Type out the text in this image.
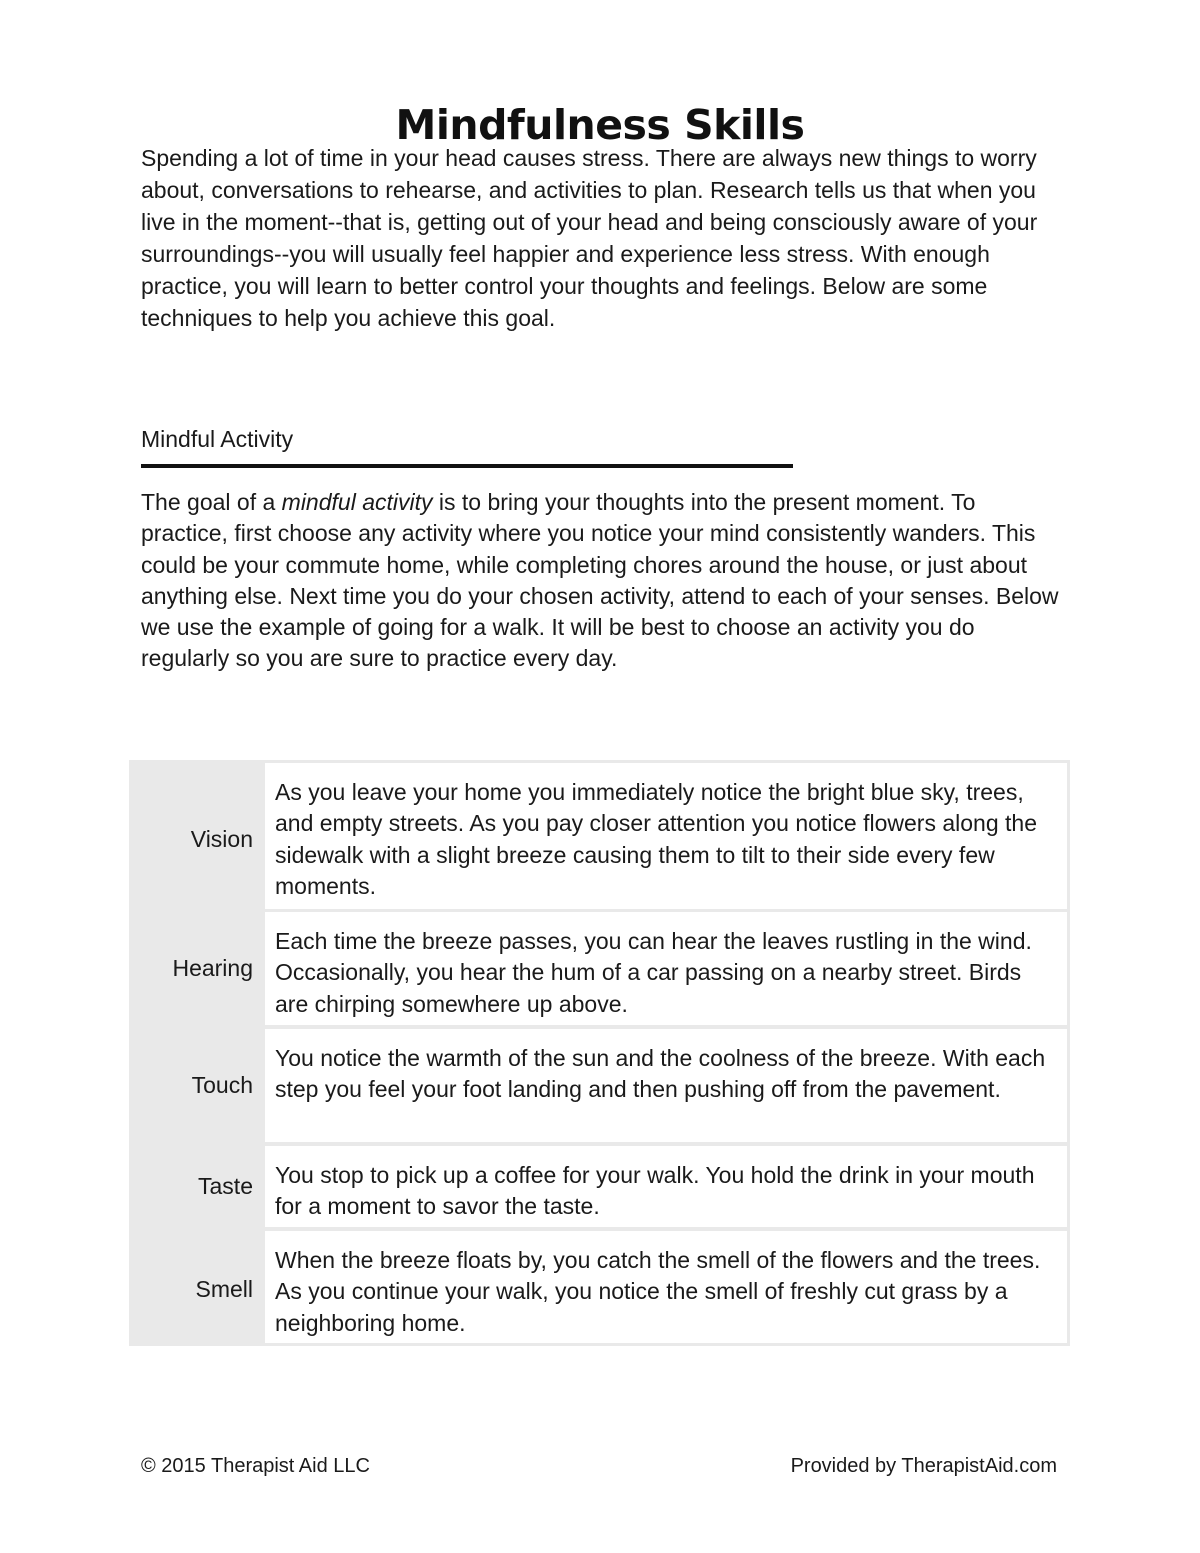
Mindfulness Skills

Spending a lot of time in your head causes stress. There are always new things to worry about, conversations to rehearse, and activities to plan. Research tells us that when you live in the moment--that is, getting out of your head and being consciously aware of your surroundings--you will usually feel happier and experience less stress. With enough practice, you will learn to better control your thoughts and feelings. Below are some techniques to help you achieve this goal.

Mindful Activity

The goal of a mindful activity is to bring your thoughts into the present moment. To practice, first choose any activity where you notice your mind consistently wanders. This could be your commute home, while completing chores around the house, or just about anything else. Next time you do your chosen activity, attend to each of your senses. Below we use the example of going for a walk. It will be best to choose an activity you do regularly so you are sure to practice every day.

Vision
As you leave your home you immediately notice the bright blue sky, trees, and empty streets. As you pay closer attention you notice flowers along the sidewalk with a slight breeze causing them to tilt to their side every few moments.
Hearing
Each time the breeze passes, you can hear the leaves rustling in the wind. Occasionally, you hear the hum of a car passing on a nearby street. Birds are chirping somewhere up above.
Touch
You notice the warmth of the sun and the coolness of the breeze. With each step you feel your foot landing and then pushing off from the pavement.
Taste You stop to pick up a coffee for your walk. You hold the drink in your mouth for a moment to savor the taste.
Smell
When the breeze floats by, you catch the smell of the flowers and the trees. As you continue your walk, you notice the smell of freshly cut grass by a neighboring home.
© 2015 Therapist Aid LLC	Provided by TherapistAid.com
